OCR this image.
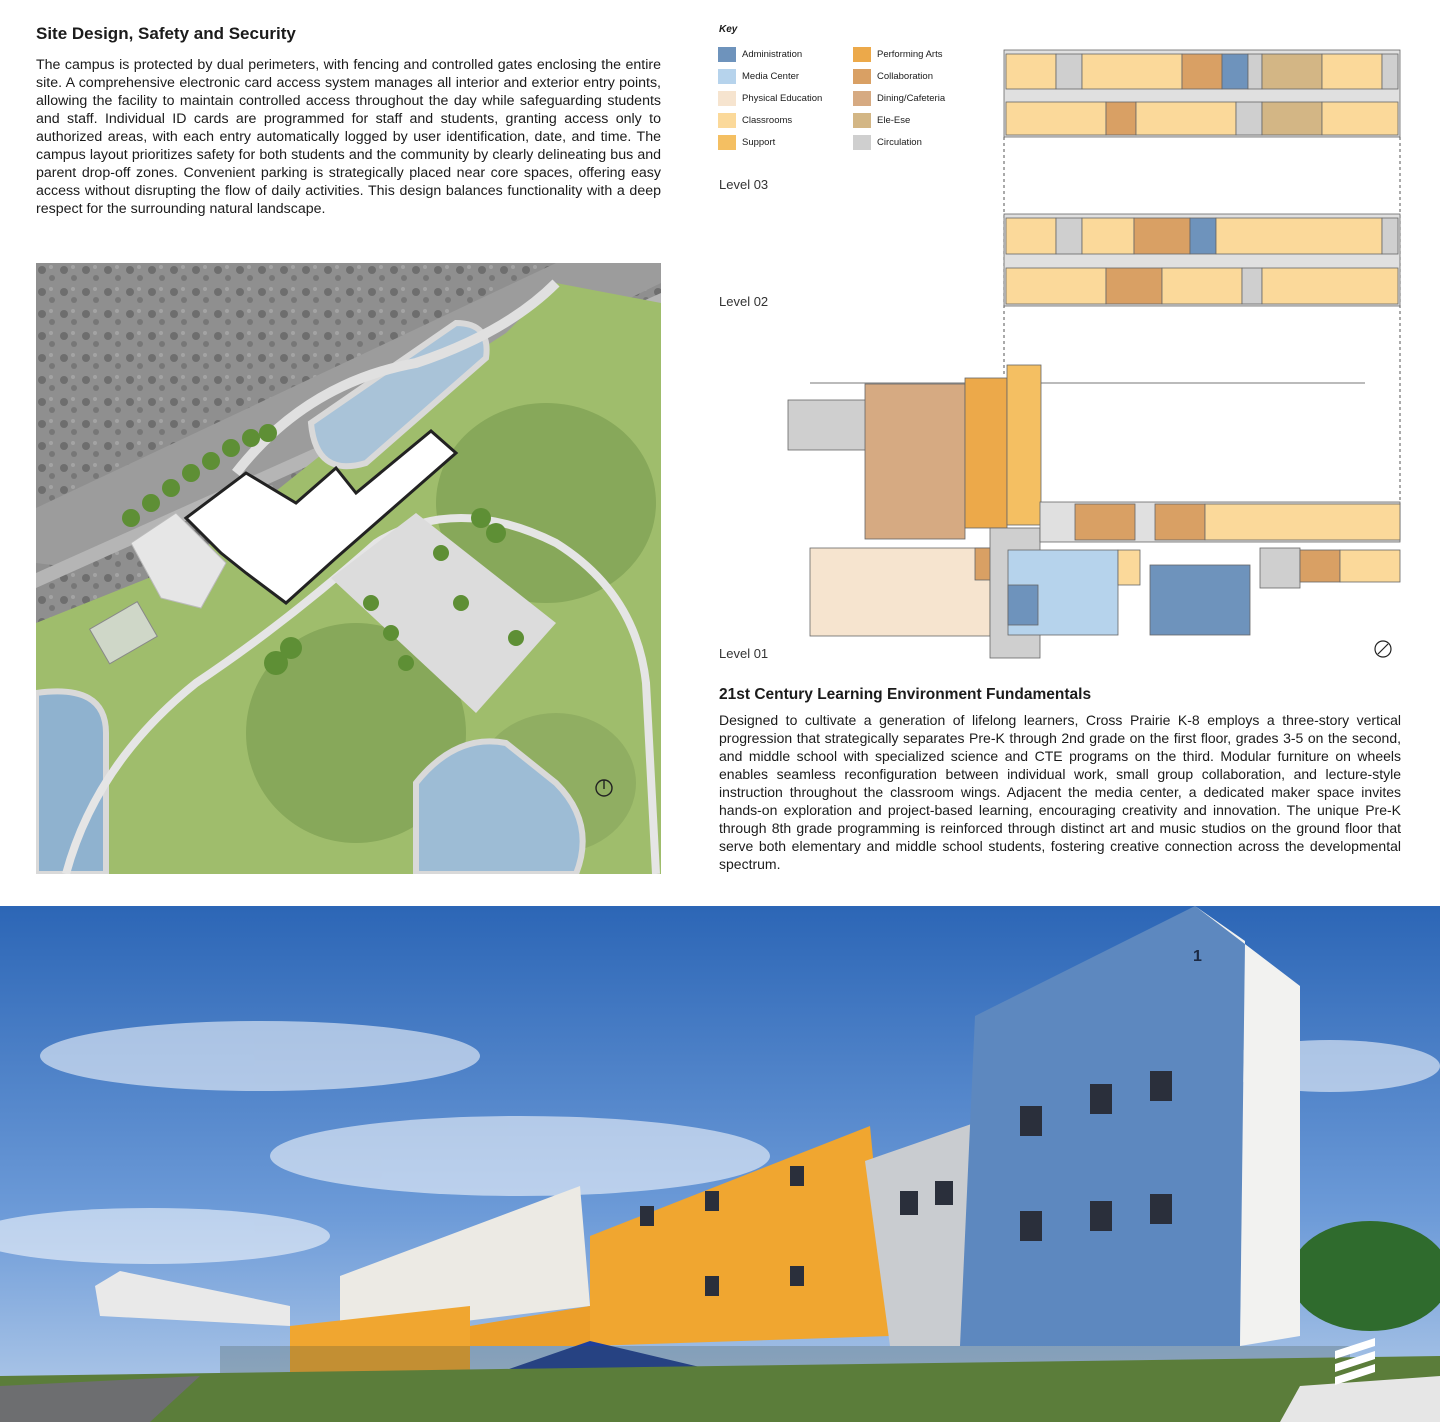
Site Design, Safety and Security

The campus is protected by dual perimeters, with fencing and controlled gates enclosing the entire site. A comprehensive electronic card access system manages all interior and exterior entry points, allowing the facility to maintain controlled access throughout the day while safeguarding students and staff. Individual ID cards are programmed for staff and students, granting access only to authorized areas, with each entry automatically logged by user identification, date, and time. The campus layout prioritizes safety for both students and the community by clearly delineating bus and parent drop-off zones. Convenient parking is strategically placed near core spaces, offering easy access without disrupting the flow of daily activities. This design balances functionality with a deep respect for the surrounding natural landscape.

Key
Administration
Media Center
Physical Education
Classrooms
Support
Performing Arts
Collaboration
Dining/Cafeteria
Ele-Ese
Circulation
Level 03
Level 02
Level 01
21st Century Learning Environment Fundamentals

Designed to cultivate a generation of lifelong learners, Cross Prairie K-8 employs a three-story vertical progression that strategically separates Pre-K through 2nd grade on the first floor, grades 3-5 on the second, and middle school with specialized science and CTE programs on the third. Modular furniture on wheels enables seamless reconfiguration between individual work, small group collaboration, and lecture-style instruction throughout the classroom wings. Adjacent the media center, a dedicated maker space invites hands-on exploration and project-based learning, encouraging creativity and innovation. The unique Pre-K through 8th grade programming is reinforced through distinct art and music studios on the ground floor that serve both elementary and middle school students, fostering creative connection across the developmental spectrum.

1
